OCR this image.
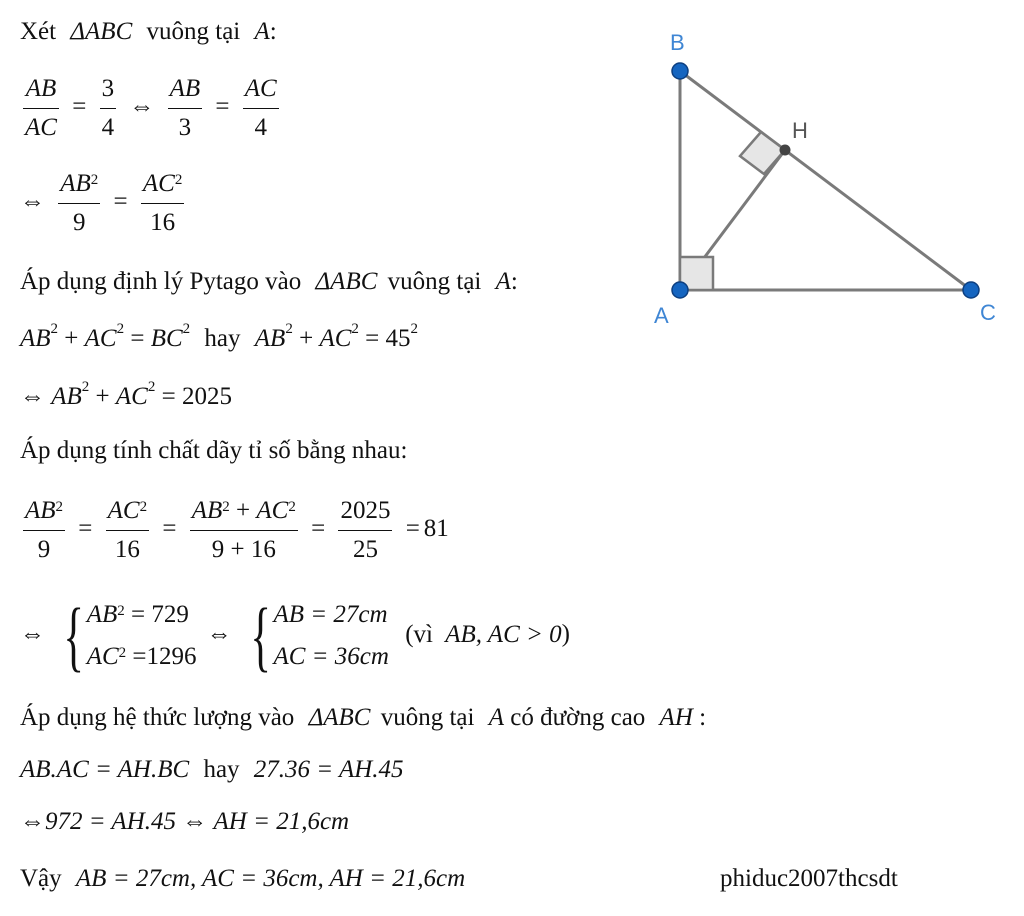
Xét ΔABC vuông tại A:
$\frac{AB}{AC} = \frac{3}{4}$ ⇔ $\frac{AB}{3} = \frac{AC}{4}$
⇔ $\frac{AB^2}{9} = \frac{AC^2}{16}$
Áp dụng định lý Pytago vào ΔABC vuông tại A:
$AB^2 + AC^2 = BC^2$ hay $AB^2 + AC^2 = 45^2$
⇔ $AB^2 + AC^2 = 2025$
Áp dụng tính chất dãy tỉ số bằng nhau:
$\frac{AB^2}{9} = \frac{AC^2}{16} = \frac{AB^2 + AC^2}{9 + 16} = \frac{2025}{25} = 81$
⇔ { $AB^2 = 729$
$AC^2 =1296$
⇔ { AB = 27cm
AC = 36cm
(vì AB, AC > 0)
Áp dụng hệ thức lượng vào ΔABC vuông tại A có đường cao AH :
AB.AC = AH.BC hay 27.36 = AH.45
⇔972 = AH.45 ⇔ AH = 21,6cm
Vậy AB = 27cm, AC = 36cm, AH = 21,6cm	phiduc2007thcsdt
B
A	C
H
